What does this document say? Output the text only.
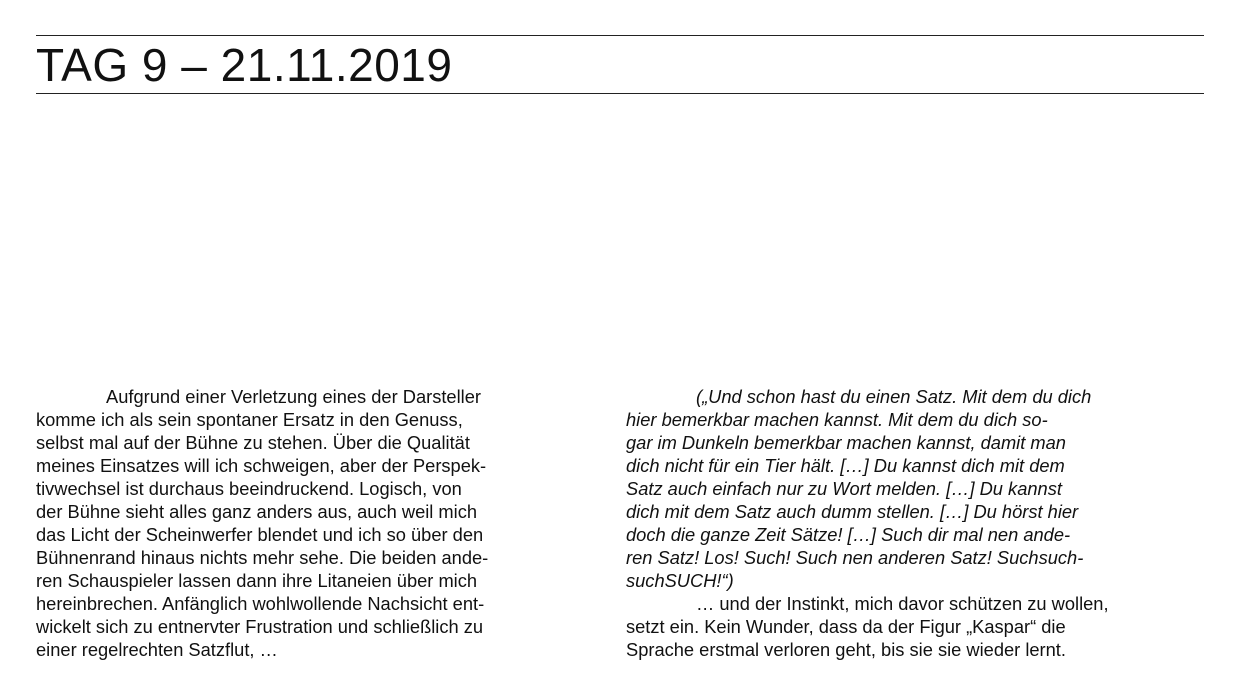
TAG 9 – 21.11.2019
Aufgrund einer Verletzung eines der Darsteller
komme ich als sein spontaner Ersatz in den Genuss,
selbst mal auf der Bühne zu stehen. Über die Qualität
meines Einsatzes will ich schweigen, aber der Perspek-
tivwechsel ist durchaus beeindruckend. Logisch, von
der Bühne sieht alles ganz anders aus, auch weil mich
das Licht der Scheinwerfer blendet und ich so über den
Bühnenrand hinaus nichts mehr sehe. Die beiden ande-
ren Schauspieler lassen dann ihre Litaneien über mich
hereinbrechen. Anfänglich wohlwollende Nachsicht ent-
wickelt sich zu entnervter Frustration und schließlich zu
einer regelrechten Satzflut, …
(„Und schon hast du einen Satz. Mit dem du dich
hier bemerkbar machen kannst. Mit dem du dich so-
gar im Dunkeln bemerkbar machen kannst, damit man
dich nicht für ein Tier hält. […] Du kannst dich mit dem
Satz auch einfach nur zu Wort melden. […] Du kannst
dich mit dem Satz auch dumm stellen. […] Du hörst hier
doch die ganze Zeit Sätze! […] Such dir mal nen ande-
ren Satz! Los! Such! Such nen anderen Satz! Suchsuch-
suchSUCH!“)
… und der Instinkt, mich davor schützen zu wollen,
setzt ein. Kein Wunder, dass da der Figur „Kaspar“ die
Sprache erstmal verloren geht, bis sie sie wieder lernt.
